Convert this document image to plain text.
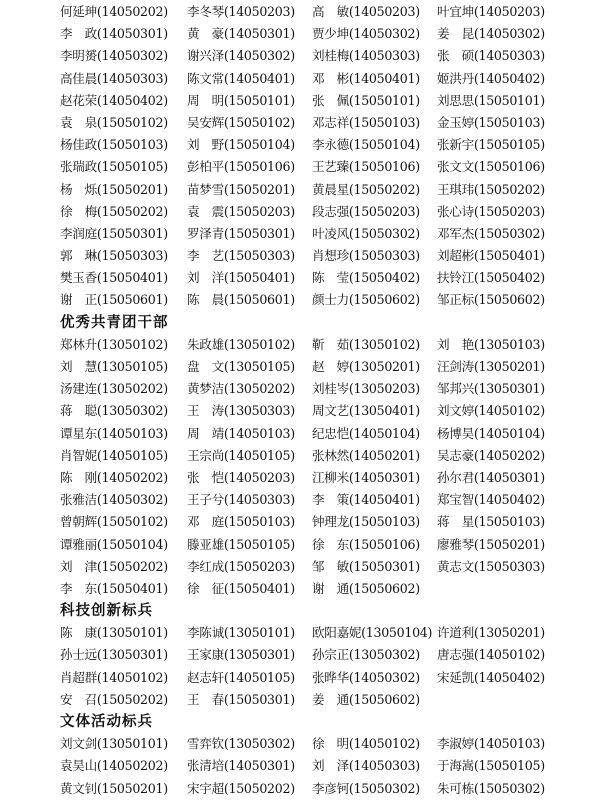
何延珅(14050202)	李冬琴(14050203)	高　敏(14050203)	叶宜坤(14050203)
李　政(14050301)	黄　豪(14050301)	贾少坤(14050302)	姜　昆(14050302)
李明赟(14050302)	谢兴泽(14050302)	刘桂梅(14050303)	张　硕(14050303)
高佳晨(14050303)	陈文常(14050401)	邓　彬(14050401)	姬洪丹(14050402)
赵花荣(14050402)	周　明(15050101)	张　佩(15050101)	刘思思(15050101)
袁　泉(15050102)	吴安辉(15050102)	邓志祥(15050103)	金玉婷(15050103)
杨佳政(15050103)	刘　野(15050104)	李永德(15050104)	张新宇(15050105)
张瑞政(15050105)	彭柏平(15050106)	王艺臻(15050106)	张文文(15050106)
杨　烁(15050201)	苗梦雪(15050201)	黄晨星(15050202)	王琪玮(15050202)
徐　梅(15050202)	袁　震(15050203)	段志强(15050203)	张心诗(15050203)
李润庭(15050301)	罗泽青(15050301)	叶凌风(15050302)	邓军杰(15050302)
郭　琳(15050303)	李　艺(15050303)	肖想珍(15050303)	刘超彬(15050401)
樊玉香(15050401)	刘　洋(15050401)	陈　莹(15050402)	扶铃江(15050402)
谢　正(15050601)	陈　晨(15050601)	颜士力(15050602)	邹正标(15050602)
优秀共青团干部
郑林升(13050102)	朱政雄(13050102)	靳　茹(13050102)	刘　艳(13050103)
刘　慧(13050105)	盘　文(13050105)	赵　婷(13050201)	汪剑涛(13050201)
汤建连(13050202)	黄梦洁(13050202)	刘桂岑(13050203)	邹邦兴(13050301)
蒋　聪(13050302)	王　涛(13050303)	周文艺(13050401)	刘文婷(14050102)
谭星东(14050103)	周　靖(14050103)	纪忠恺(14050104)	杨博昊(14050104)
肖智妮(14050105)	王宗尚(14050105)	张林然(14050201)	吴志豪(14050202)
陈　刚(14050202)	张　恺(14050203)	江柳米(14050301)	孙尔君(14050301)
张雅洁(14050302)	王子兮(14050303)	李　策(14050401)	郑宝智(14050402)
曾朝辉(15050102)	邓　庭(15050103)	钟理龙(15050103)	蒋　星(15050103)
谭雅丽(15050104)	滕亚雄(15050105)	徐　东(15050106)	廖雅琴(15050201)
刘　津(15050202)	李红成(15050203)	邹　敏(15050301)	黄志文(15050303)
李　东(15050401)	徐　征(15050401)	谢　通(15050602)
科技创新标兵
陈　康(13050101)	李陈诚(13050101)	欧阳嘉妮(13050104) 许道利(13050201)
孙士远(13050301)	王家康(13050301)	孙宗正(13050302)	唐志强(14050102)
肖超群(14050102)	赵志轩(14050105)	张晔华(14050302)	宋延凯(14050402)
安　召(15050202)	王　春(15050301)	姜　通(15050602)
文体活动标兵
刘文剑(13050101)	雪弈钦(13050302)	徐　明(14050102)	李淑婷(14050103)
袁昊山(14050202)	张清培(14050301)	刘　泽(14050303)	于海嵩(15050105)
黄文钊(15050201)	宋宇超(15050202)	李彦钶(15050302)	朱可栋(15050302)
